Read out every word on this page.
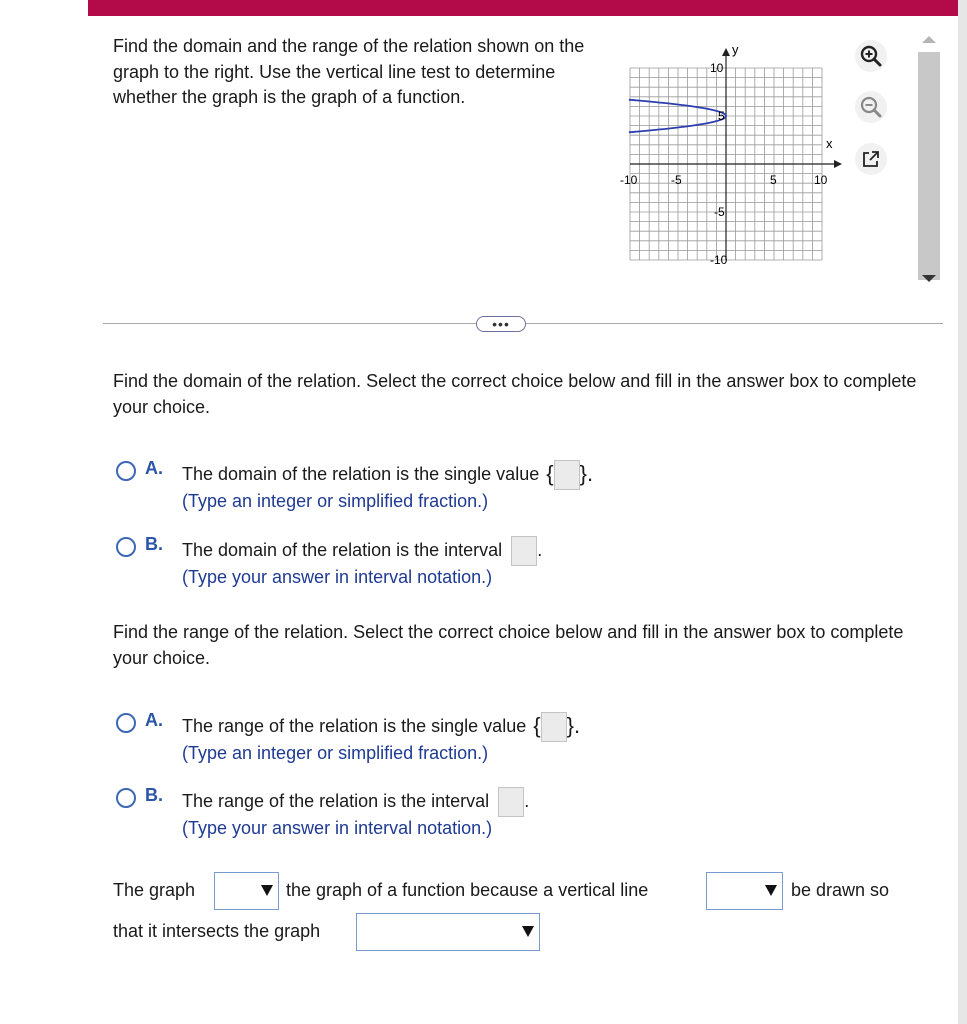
Find the domain and the range of the relation shown on the graph to the right. Use the vertical line test to determine whether the graph is the graph of a function.
y
x
-10	-5	5	10
10
5
-5
-10
•••
Find the domain of the relation. Select the correct choice below and fill in the answer box to complete your choice.
A. The domain of the relation is the single value { }.
(Type an integer or simplified fraction.)
B. The domain of the relation is the interval .
(Type your answer in interval notation.)
Find the range of the relation. Select the correct choice below and fill in the answer box to complete your choice.
A. The range of the relation is the single value { }.
(Type an integer or simplified fraction.)
B. The range of the relation is the interval .
(Type your answer in interval notation.)
The graph	the graph of a function because a vertical line	be drawn so
that it intersects the graph
